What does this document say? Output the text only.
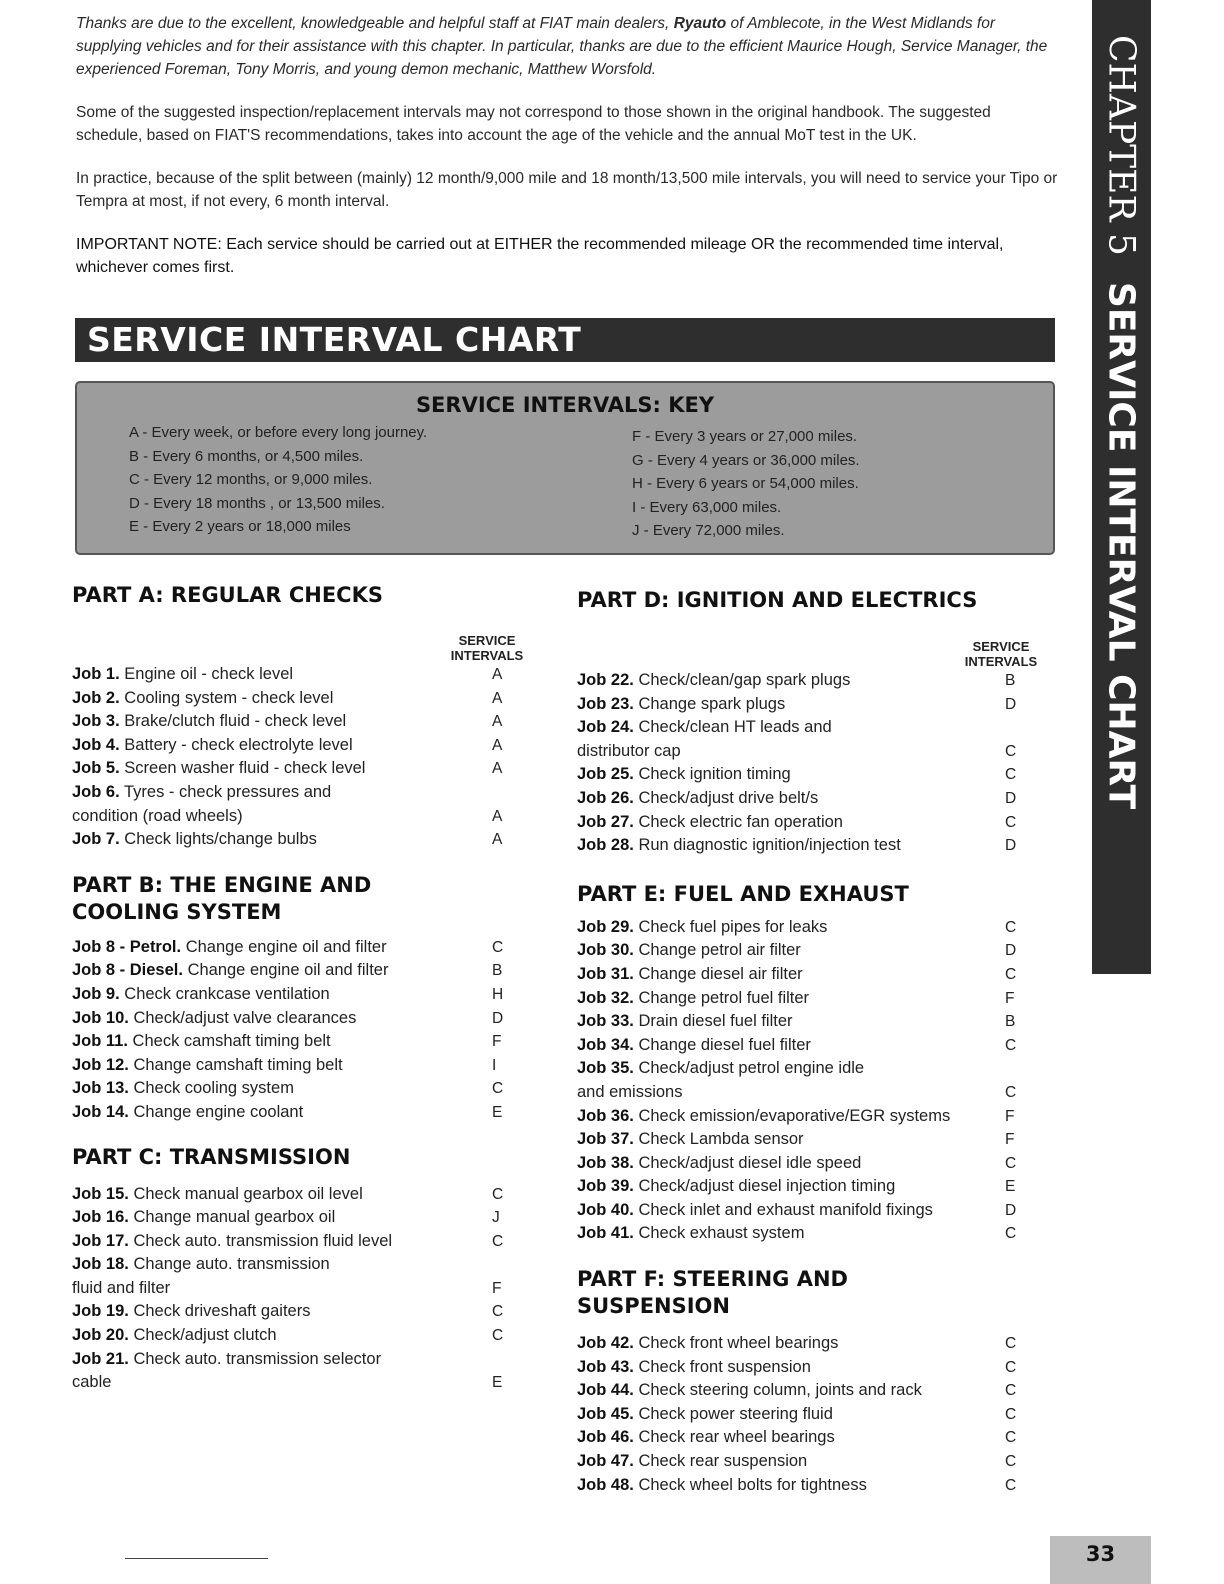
Thanks are due to the excellent, knowledgeable and helpful staff at FIAT main dealers, Ryauto of Amblecote, in the West Midlands for supplying vehicles and for their assistance with this chapter. In particular, thanks are due to the efficient Maurice Hough, Service Manager, the experienced Foreman, Tony Morris, and young demon mechanic, Matthew Worsfold.

Some of the suggested inspection/replacement intervals may not correspond to those shown in the original handbook. The suggested schedule, based on FIAT'S recommendations, takes into account the age of the vehicle and the annual MoT test in the UK.

In practice, because of the split between (mainly) 12 month/9,000 mile and 18 month/13,500 mile intervals, you will need to service your Tipo or Tempra at most, if not every, 6 month interval.

IMPORTANT NOTE: Each service should be carried out at EITHER the recommended mileage OR the recommended time interval, whichever comes first.

SERVICE INTERVAL CHART
SERVICE INTERVALS: KEY
A - Every week, or before every long journey.
B - Every 6 months, or 4,500 miles.
C - Every 12 months, or 9,000 miles.
D - Every 18 months , or 13,500 miles.
E - Every 2 years or 18,000 miles
F - Every 3 years or 27,000 miles.
G - Every 4 years or 36,000 miles.
H - Every 6 years or 54,000 miles.
I - Every 63,000 miles.
J - Every 72,000 miles.
PART A: REGULAR CHECKS
SERVICE
INTERVALS
Job 1. Engine oil - check level	A
Job 2. Cooling system - check level	A
Job 3. Brake/clutch fluid - check level	A
Job 4. Battery - check electrolyte level	A
Job 5. Screen washer fluid - check level	A
Job 6. Tyres - check pressures and
condition (road wheels)	A
Job 7. Check lights/change bulbs	A
PART B: THE ENGINE AND
COOLING SYSTEM
Job 8 - Petrol. Change engine oil and filter	C
Job 8 - Diesel. Change engine oil and filter	B
Job 9. Check crankcase ventilation	H
Job 10. Check/adjust valve clearances	D
Job 11. Check camshaft timing belt	F
Job 12. Change camshaft timing belt	I
Job 13. Check cooling system	C
Job 14. Change engine coolant	E
PART C: TRANSMISSION
Job 15. Check manual gearbox oil level	C
Job 16. Change manual gearbox oil	J
Job 17. Check auto. transmission fluid level	C
Job 18. Change auto. transmission
fluid and filter	F
Job 19. Check driveshaft gaiters	C
Job 20. Check/adjust clutch	C
Job 21. Check auto. transmission selector
cable	E
PART D: IGNITION AND ELECTRICS
SERVICE
INTERVALS
Job 22. Check/clean/gap spark plugs	B
Job 23. Change spark plugs	D
Job 24. Check/clean HT leads and
distributor cap	C
Job 25. Check ignition timing	C
Job 26. Check/adjust drive belt/s	D
Job 27. Check electric fan operation	C
Job 28. Run diagnostic ignition/injection test	D
PART E: FUEL AND EXHAUST
Job 29. Check fuel pipes for leaks	C
Job 30. Change petrol air filter	D
Job 31. Change diesel air filter	C
Job 32. Change petrol fuel filter	F
Job 33. Drain diesel fuel filter	B
Job 34. Change diesel fuel filter	C
Job 35. Check/adjust petrol engine idle
and emissions	C
Job 36. Check emission/evaporative/EGR systems	F
Job 37. Check Lambda sensor	F
Job 38. Check/adjust diesel idle speed	C
Job 39. Check/adjust diesel injection timing	E
Job 40. Check inlet and exhaust manifold fixings	D
Job 41. Check exhaust system	C
PART F: STEERING AND
SUSPENSION
Job 42. Check front wheel bearings	C
Job 43. Check front suspension	C
Job 44. Check steering column, joints and rack	C
Job 45. Check power steering fluid	C
Job 46. Check rear wheel bearings	C
Job 47. Check rear suspension	C
Job 48. Check wheel bolts for tightness	C
CHAPTER 5SERVICE INTERVAL CHART
33
